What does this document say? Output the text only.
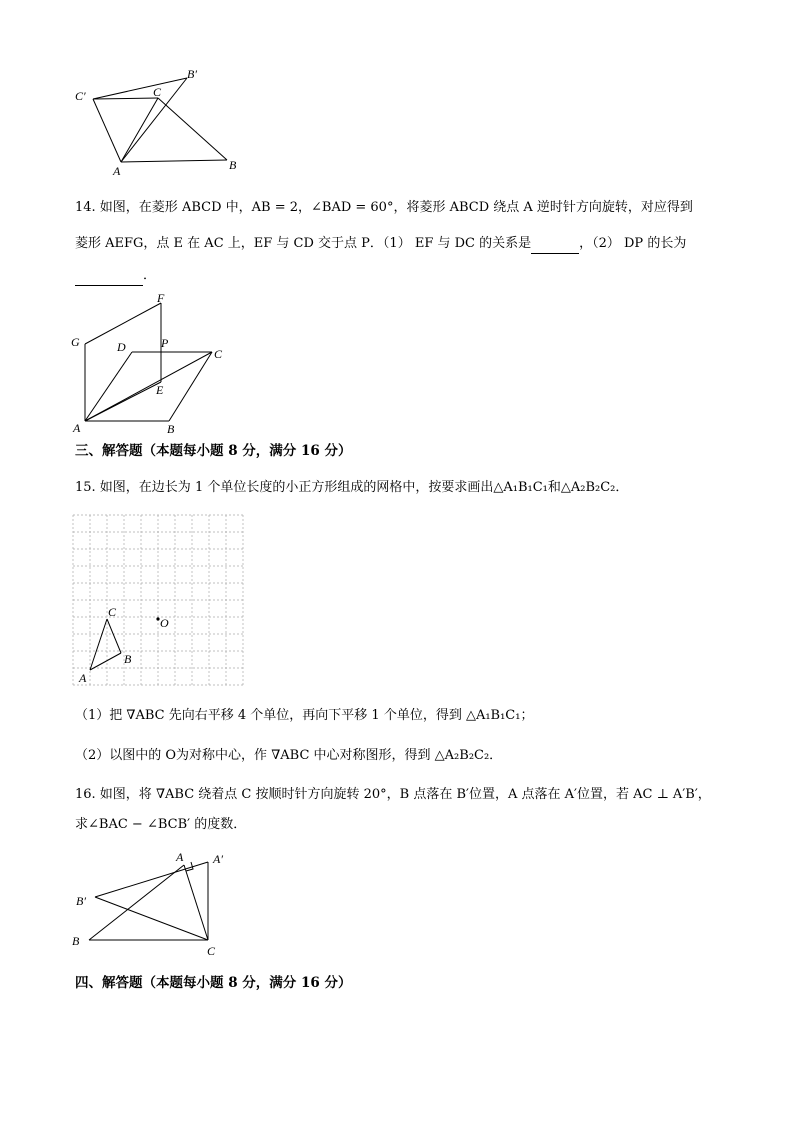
C′
B′
C
A	B
14. 如图，在菱形 ABCD 中，AB = 2，∠BAD = 60°，将菱形 ABCD 绕点 A 逆时针方向旋转，对应得到
菱形 AEFG，点 E 在 AC 上，EF 与 CD 交于点 P．（1） EF 与 DC 的关系是	，（2） DP 的长为
．
F
G	D	P
C
E
A	B
三、解答题（本题每小题 8 分，满分 16 分）
15. 如图，在边长为 1 个单位长度的小正方形组成的网格中，按要求画出△A₁B₁C₁和△A₂B₂C₂．
C
B
A
O
（1）把 ∇ABC 先向右平移 4 个单位，再向下平移 1 个单位，得到 △A₁B₁C₁；
（2）以图中的 O为对称中心，作 ∇ABC 中心对称图形，得到 △A₂B₂C₂．
16. 如图，将 ∇ABC 绕着点 C 按顺时针方向旋转 20°，B 点落在 B′位置，A 点落在 A′位置，若 AC ⊥ A′B′，
求∠BAC − ∠BCB′ 的度数．
A A′
B′
B
C
四、解答题（本题每小题 8 分，满分 16 分）
